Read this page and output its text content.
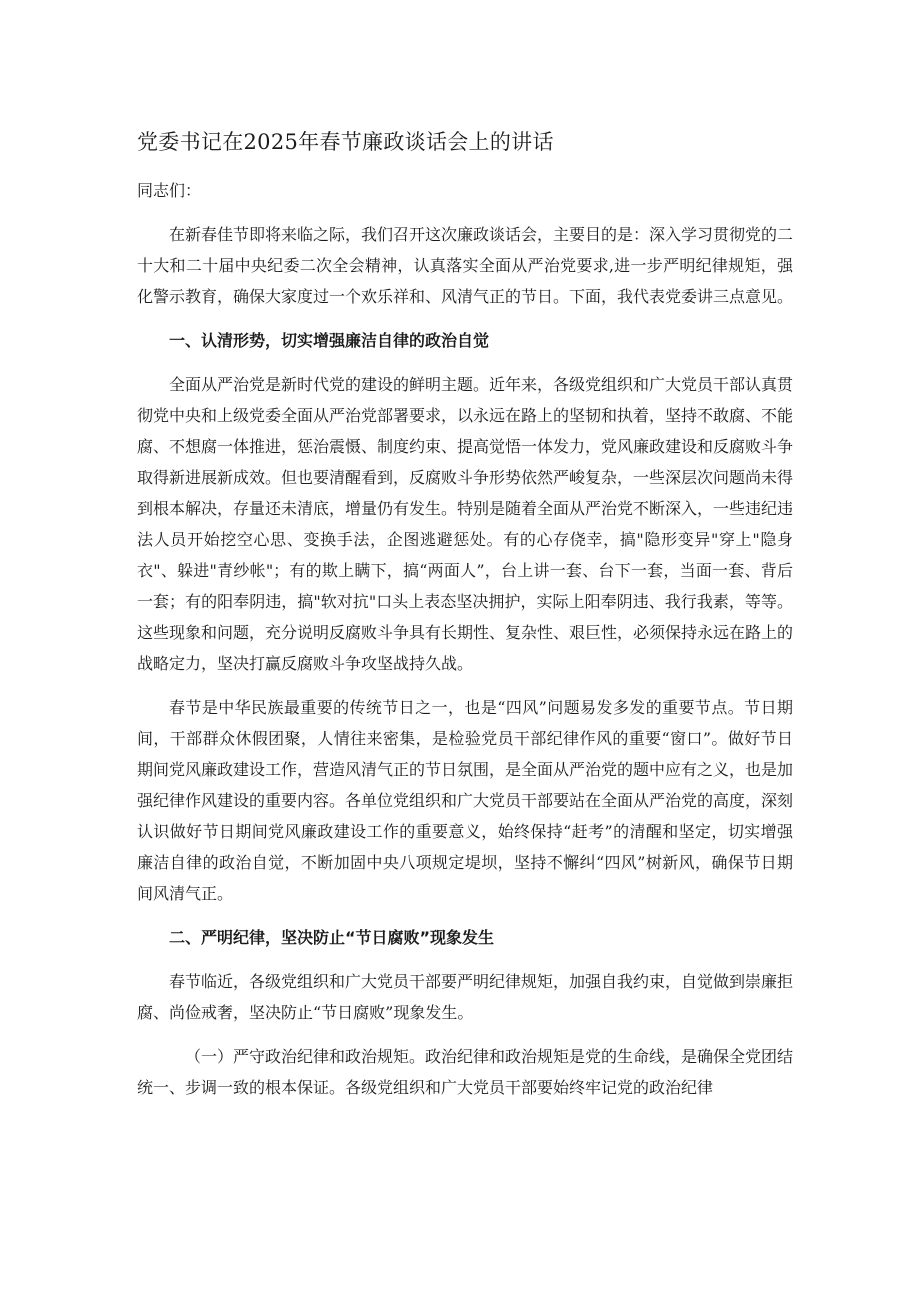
党委书记在2025年春节廉政谈话会上的讲话

同志们：

在新春佳节即将来临之际，我们召开这次廉政谈话会，主要目的是：深入学习贯彻党的二十大和二十届中央纪委二次全会精神，认真落实全面从严治党要求,进一步严明纪律规矩，强化警示教育，确保大家度过一个欢乐祥和、风清气正的节日。下面，我代表党委讲三点意见。

一、认清形势，切实增强廉洁自律的政治自觉

全面从严治党是新时代党的建设的鲜明主题。近年来，各级党组织和广大党员干部认真贯彻党中央和上级党委全面从严治党部署要求，以永远在路上的坚韧和执着，坚持不敢腐、不能腐、不想腐一体推进，惩治震慑、制度约束、提高觉悟一体发力，党风廉政建设和反腐败斗争取得新进展新成效。但也要清醒看到，反腐败斗争形势依然严峻复杂，一些深层次问题尚未得到根本解决，存量还未清底，增量仍有发生。特别是随着全面从严治党不断深入，一些违纪违法人员开始挖空心思、变换手法，企图逃避惩处。有的心存侥幸，搞"隐形变异"穿上"隐身衣"、躲进"青纱帐"；有的欺上瞒下，搞“两面人”，台上讲一套、台下一套，当面一套、背后一套；有的阳奉阴违，搞"软对抗"口头上表态坚决拥护，实际上阳奉阴违、我行我素，等等。这些现象和问题，充分说明反腐败斗争具有长期性、复杂性、艰巨性，必须保持永远在路上的战略定力，坚决打赢反腐败斗争攻坚战持久战。

春节是中华民族最重要的传统节日之一，也是“四风”问题易发多发的重要节点。节日期间，干部群众休假团聚，人情往来密集，是检验党员干部纪律作风的重要“窗口”。做好节日期间党风廉政建设工作，营造风清气正的节日氛围，是全面从严治党的题中应有之义，也是加强纪律作风建设的重要内容。各单位党组织和广大党员干部要站在全面从严治党的高度，深刻认识做好节日期间党风廉政建设工作的重要意义，始终保持“赶考”的清醒和坚定，切实增强廉洁自律的政治自觉，不断加固中央八项规定堤坝，坚持不懈纠“四风”树新风，确保节日期间风清气正。

二、严明纪律，坚决防止“节日腐败”现象发生

春节临近，各级党组织和广大党员干部要严明纪律规矩，加强自我约束，自觉做到崇廉拒腐、尚俭戒奢，坚决防止“节日腐败”现象发生。

（一）严守政治纪律和政治规矩。政治纪律和政治规矩是党的生命线，是确保全党团结统一、步调一致的根本保证。各级党组织和广大党员干部要始终牢记党的政治纪律
